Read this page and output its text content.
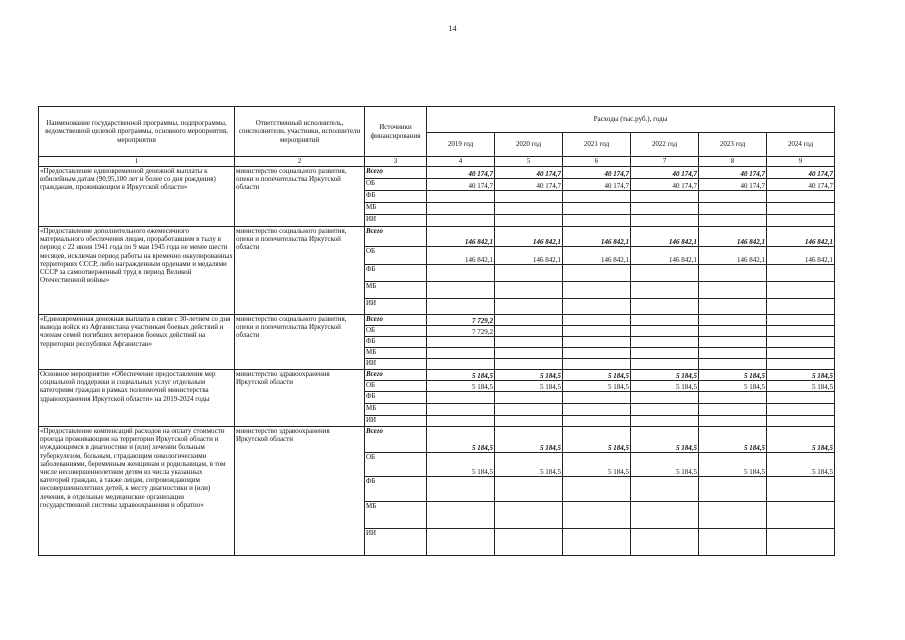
14
Наименование государственной программы, подпрограммы, ведомственной целевой программы, основного мероприятия, мероприятия	Ответственный исполнитель, соисполнители, участники, исполнители мероприятий	Источники финансирования	Расходы (тыс.руб.), годы					
			2019 год	2020 год	2021 год	2022 год	2023 год	2024 год
1	2	3	4	5	6	7	8	9
«Предоставление единовременной денежной выплаты к юбилейным датам (90,95,100 лет и более со дня рождения) гражданам, проживающим в Иркутской области»	министерство социального развития, опеки и попечительства Иркутской области	Всего	40 174,7	40 174,7	40 174,7	40 174,7	40 174,7	40 174,7
		ОБ	40 174,7	40 174,7	40 174,7	40 174,7	40 174,7	40 174,7
		ФБ						
		МБ						
		ИИ						
«Предоставление дополнительного ежемесячного материального обеспечения лицам, проработавшим в тылу в период с 22 июня 1941 года по 9 мая 1945 года не менее шести месяцев, исключая период работы на временно оккупированных территориях СССР, либо награжденным орденами и медалями СССР за самоотверженный труд в период Великой Отечественной войны»	министерство социального развития, опеки и попечительства Иркутской области	Всего	146 842,1	146 842,1	146 842,1	146 842,1	146 842,1	146 842,1
		ОБ	146 842,1	146 842,1	146 842,1	146 842,1	146 842,1	146 842,1
		ФБ						
		МБ						
		ИИ						
«Единовременная денежная выплата в связи с 30-летием со дня вывода войск из Афганистана участникам боевых действий и членам семей погибших ветеранов боевых действий на территории республики Афганистан»	министерство социального развития, опеки и попечительства Иркутской области	Всего	7 729,2					
		ОБ	7 729,2					
		ФБ						
		МБ						
		ИИ						
Основное мероприятие «Обеспечение предоставления мер социальной поддержки и социальных услуг отдельным категориям граждан в рамках полномочий министерства здравоохранения Иркутской области» на 2019-2024 годы	министерство здравоохранения Иркутской области	Всего	5 184,5	5 184,5	5 184,5	5 184,5	5 184,5	5 184,5
		ОБ	5 184,5	5 184,5	5 184,5	5 184,5	5 184,5	5 184,5
		ФБ						
		МБ						
		ИИ						
«Предоставление компенсаций расходов на оплату стоимости проезда проживающим на территории Иркутской области и нуждающимся в диагностике и (или) лечении больным туберкулезом, больным, страдающим онкологическими заболеваниями, беременным женщинам и родильницам, в том числе несовершеннолетним детям из числа указанных категорий граждан, а также лицам, сопровождающим несовершеннолетних детей, к месту диагностики и (или) лечения, в отдельные медицинские организации государственной системы здравоохранения и обратно»	министерство здравоохранения Иркутской области	Всего	5 184,5	5 184,5	5 184,5	5 184,5	5 184,5	5 184,5
		ОБ	5 184,5	5 184,5	5 184,5	5 184,5	5 184,5	5 184,5
		ФБ						
		МБ						
		ИИ						
